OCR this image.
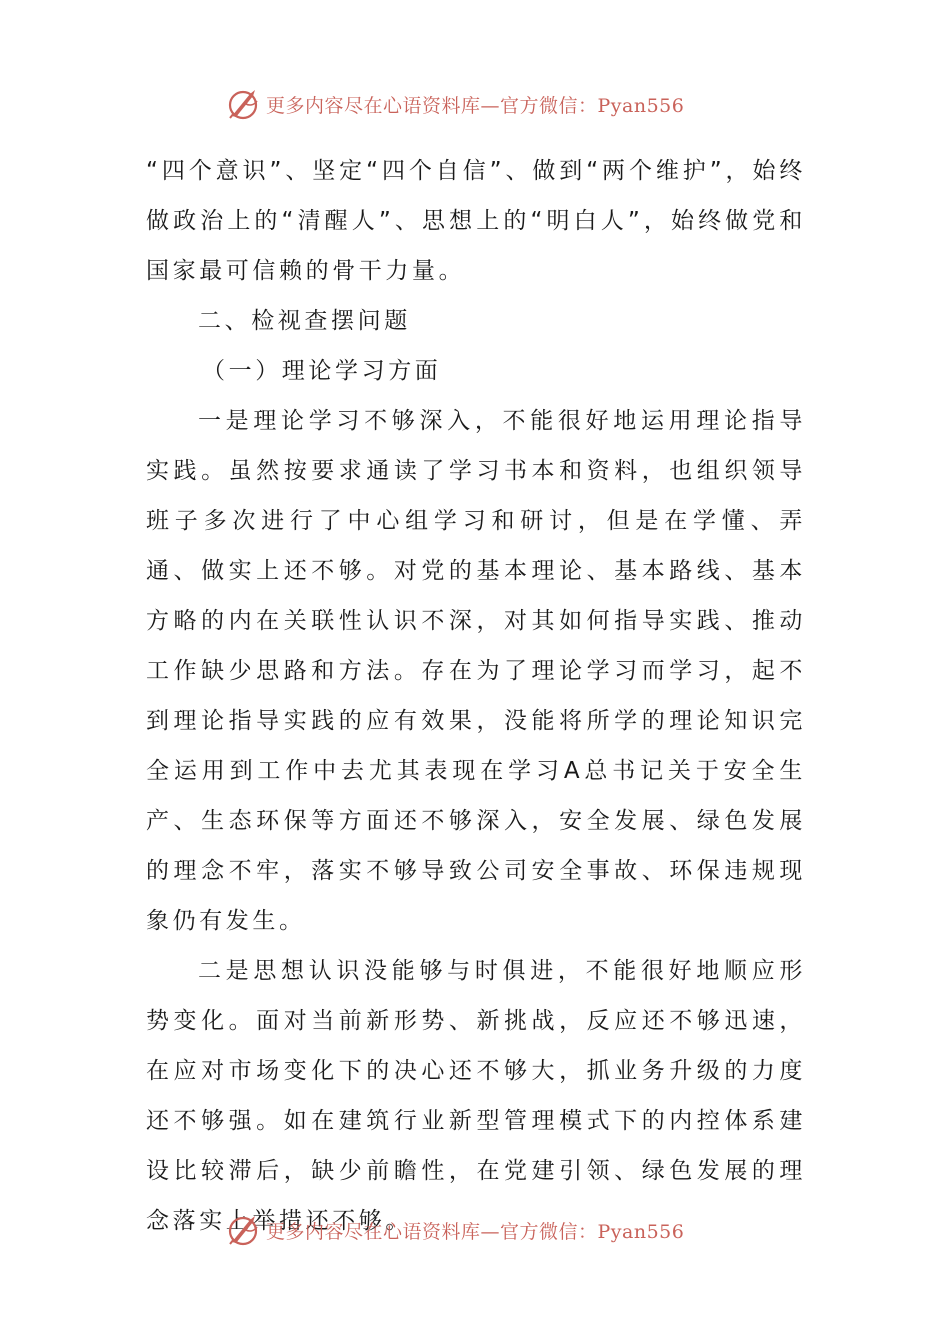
更多内容尽在心语资料库—官方微信：Pyan556

“四个意识”、坚定“四个自信”、做到“两个维护”，始终做政治上的“清醒人”、思想上的“明白人”，始终做党和国家最可信赖的骨干力量。

二、检视查摆问题

（一）理论学习方面

一是理论学习不够深入，不能很好地运用理论指导实践。虽然按要求通读了学习书本和资料，也组织领导班子多次进行了中心组学习和研讨，但是在学懂、弄通、做实上还不够。对党的基本理论、基本路线、基本方略的内在关联性认识不深，对其如何指导实践、推动工作缺少思路和方法。存在为了理论学习而学习，起不到理论指导实践的应有效果，没能将所学的理论知识完全运用到工作中去尤其表现在学习A总书记关于安全生产、生态环保等方面还不够深入，安全发展、绿色发展的理念不牢，落实不够导致公司安全事故、环保违规现象仍有发生。

二是思想认识没能够与时俱进，不能很好地顺应形势变化。面对当前新形势、新挑战，反应还不够迅速，在应对市场变化下的决心还不够大，抓业务升级的力度还不够强。如在建筑行业新型管理模式下的内控体系建设比较滞后，缺少前瞻性，在党建引领、绿色发展的理念落实上举措还不够。

更多内容尽在心语资料库—官方微信：Pyan556
